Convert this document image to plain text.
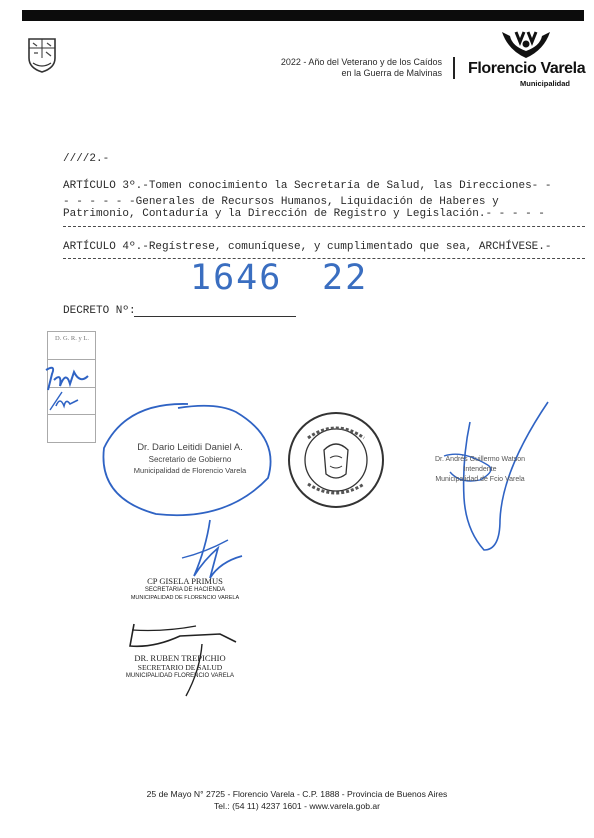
2022 - Año del Veterano y de los Caídos
en la Guerra de Malvinas Florencio Varela
Municipalidad
////2.-
ARTÍCULO 3º.-Tomen conocimiento la Secretaría de Salud, las Direcciones- -
- - - - - -Generales de Recursos Humanos, Liquidación de Haberes y
Patrimonio, Contaduría y la Dirección de Registro y Legislación.- - - - -
ARTÍCULO 4º.-Regístrese, comuníquese, y cumplimentado que sea, ARCHÍVESE.-
1646 22
DECRETO Nº:
D. G. R. y L.
Dr. Dario Leitidi Daniel A.
Secretario de Gobierno
Municipalidad de Florencio Varela
Dr. Andrés Guillermo Watson
Intendente
Municipalidad de Fcio Varela
CP GISELA PRIMUS
SECRETARIA DE HACIENDA
MUNICIPALIDAD DE FLORENCIO VARELA
DR. RUBEN TREPICHIO
SECRETARIO DE SALUD
MUNICIPALIDAD FLORENCIO VARELA
25 de Mayo N° 2725 - Florencio Varela - C.P. 1888 - Provincia de Buenos Aires
Tel.: (54 11) 4237 1601 - www.varela.gob.ar
